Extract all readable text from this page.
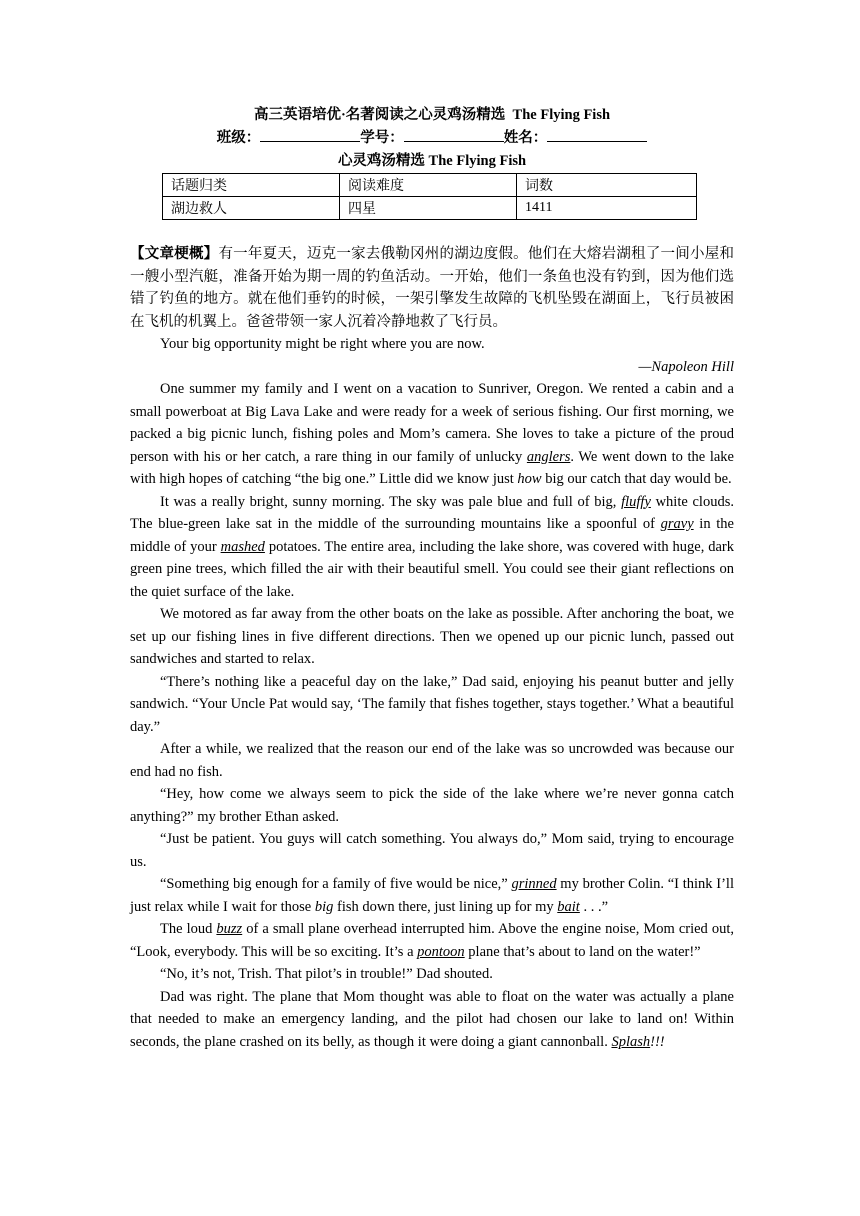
高三英语培优·名著阅读之心灵鸡汤精选 The Flying Fish
班级：	学号：	姓名：
心灵鸡汤精选 The Flying Fish
话题归类	阅读难度	词数
湖边救人	四星	1411
【文章梗概】有一年夏天，迈克一家去俄勒冈州的湖边度假。他们在大熔岩湖租了一间小屋和一艘小型汽艇，准备开始为期一周的钓鱼活动。一开始，他们一条鱼也没有钓到，因为他们选错了钓鱼的地方。就在他们垂钓的时候，一架引擎发生故障的飞机坠毁在湖面上，飞行员被困在飞机的机翼上。爸爸带领一家人沉着冷静地救了飞行员。

Your big opportunity might be right where you are now.

—Napoleon Hill

One summer my family and I went on a vacation to Sunriver, Oregon. We rented a cabin and a small powerboat at Big Lava Lake and were ready for a week of serious fishing. Our first morning, we packed a big picnic lunch, fishing poles and Mom’s camera. She loves to take a picture of the proud person with his or her catch, a rare thing in our family of unlucky anglers. We went down to the lake with high hopes of catching “the big one.” Little did we know just how big our catch that day would be.

It was a really bright, sunny morning. The sky was pale blue and full of big, fluffy white clouds. The blue-green lake sat in the middle of the surrounding mountains like a spoonful of gravy in the middle of your mashed potatoes. The entire area, including the lake shore, was covered with huge, dark green pine trees, which filled the air with their beautiful smell. You could see their giant reflections on the quiet surface of the lake.

We motored as far away from the other boats on the lake as possible. After anchoring the boat, we set up our fishing lines in five different directions. Then we opened up our picnic lunch, passed out sandwiches and started to relax.

“There’s nothing like a peaceful day on the lake,” Dad said, enjoying his peanut butter and jelly sandwich. “Your Uncle Pat would say, ‘The family that fishes together, stays together.’ What a beautiful day.”

After a while, we realized that the reason our end of the lake was so uncrowded was because our end had no fish.

“Hey, how come we always seem to pick the side of the lake where we’re never gonna catch anything?” my brother Ethan asked.

“Just be patient. You guys will catch something. You always do,” Mom said, trying to encourage us.

“Something big enough for a family of five would be nice,” grinned my brother Colin. “I think I’ll just relax while I wait for those big fish down there, just lining up for my bait . . .”

The loud buzz of a small plane overhead interrupted him. Above the engine noise, Mom cried out, “Look, everybody. This will be so exciting. It’s a pontoon plane that’s about to land on the water!”

“No, it’s not, Trish. That pilot’s in trouble!” Dad shouted.

Dad was right. The plane that Mom thought was able to float on the water was actually a plane that needed to make an emergency landing, and the pilot had chosen our lake to land on! Within seconds, the plane crashed on its belly, as though it were doing a giant cannonball. Splash!!!
